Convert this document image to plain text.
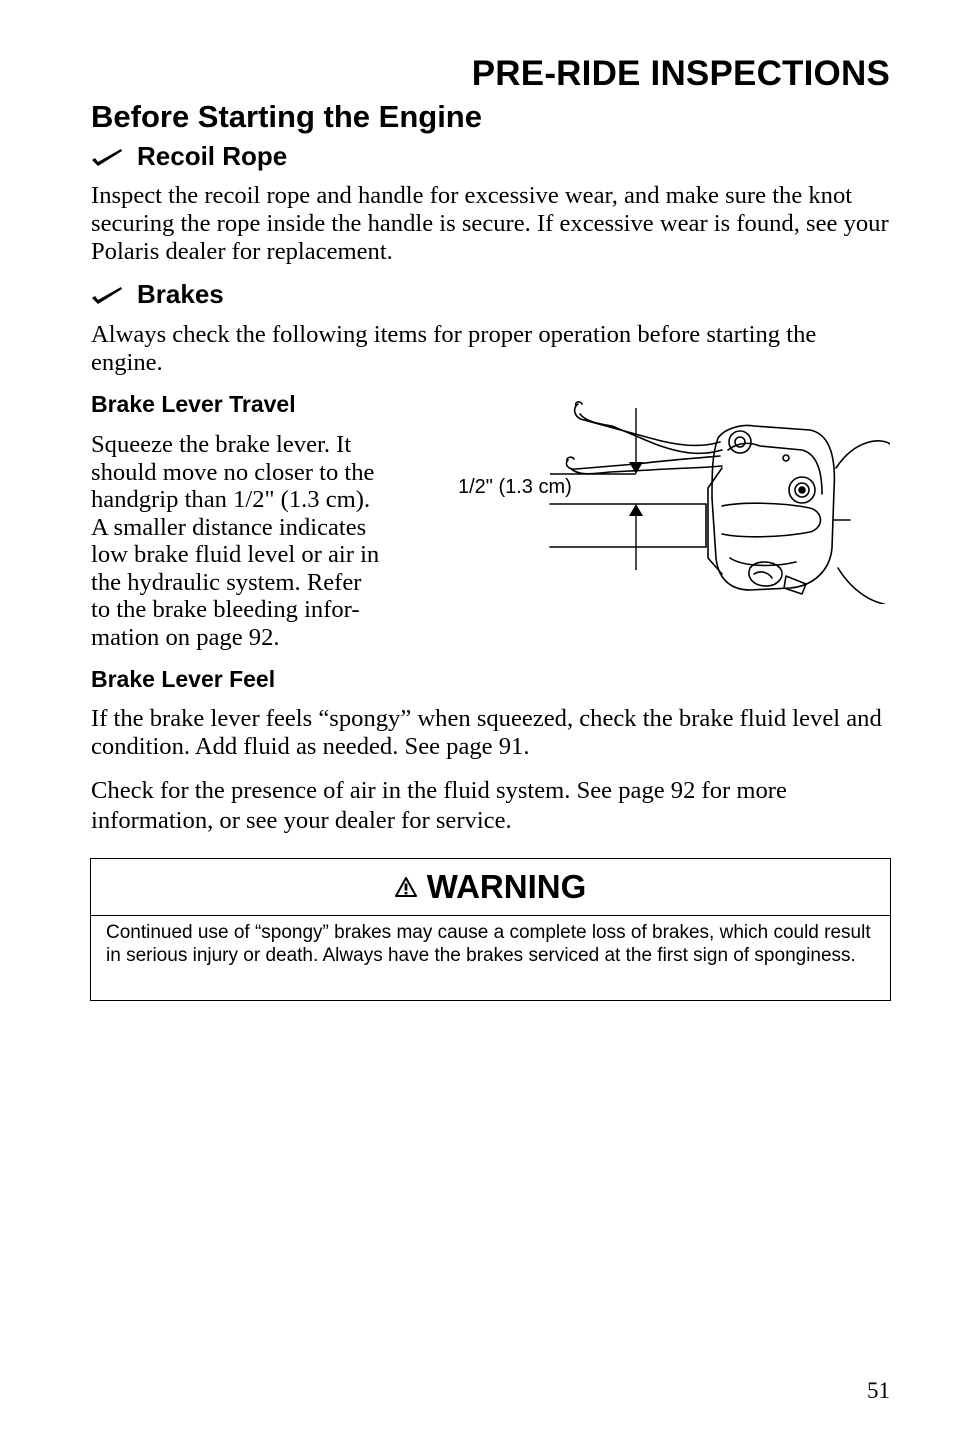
PRE-RIDE INSPECTIONS
Before Starting the Engine
Recoil Rope
Inspect the recoil rope and handle for excessive wear, and make sure the knot securing the rope inside the handle is secure. If excessive wear is found, see your Polaris dealer for replacement.
Brakes
Always check the following items for proper operation before starting the engine.
Brake Lever Travel
Squeeze the brake lever. It
should move no closer to the
handgrip than 1/2" (1.3 cm).
A smaller distance indicates
low brake fluid level or air in
the hydraulic system. Refer
to the brake bleeding infor-
mation on page 92.
1/2" (1.3 cm)
Brake Lever Feel
If the brake lever feels “spongy” when squeezed, check the brake fluid level and condition. Add fluid as needed. See page 91.
Check for the presence of air in the fluid system. See page 92 for more information, or see your dealer for service.
WARNING
Continued use of “spongy” brakes may cause a complete loss of brakes, which could result in serious injury or death. Always have the brakes serviced at the first sign of sponginess.
51
